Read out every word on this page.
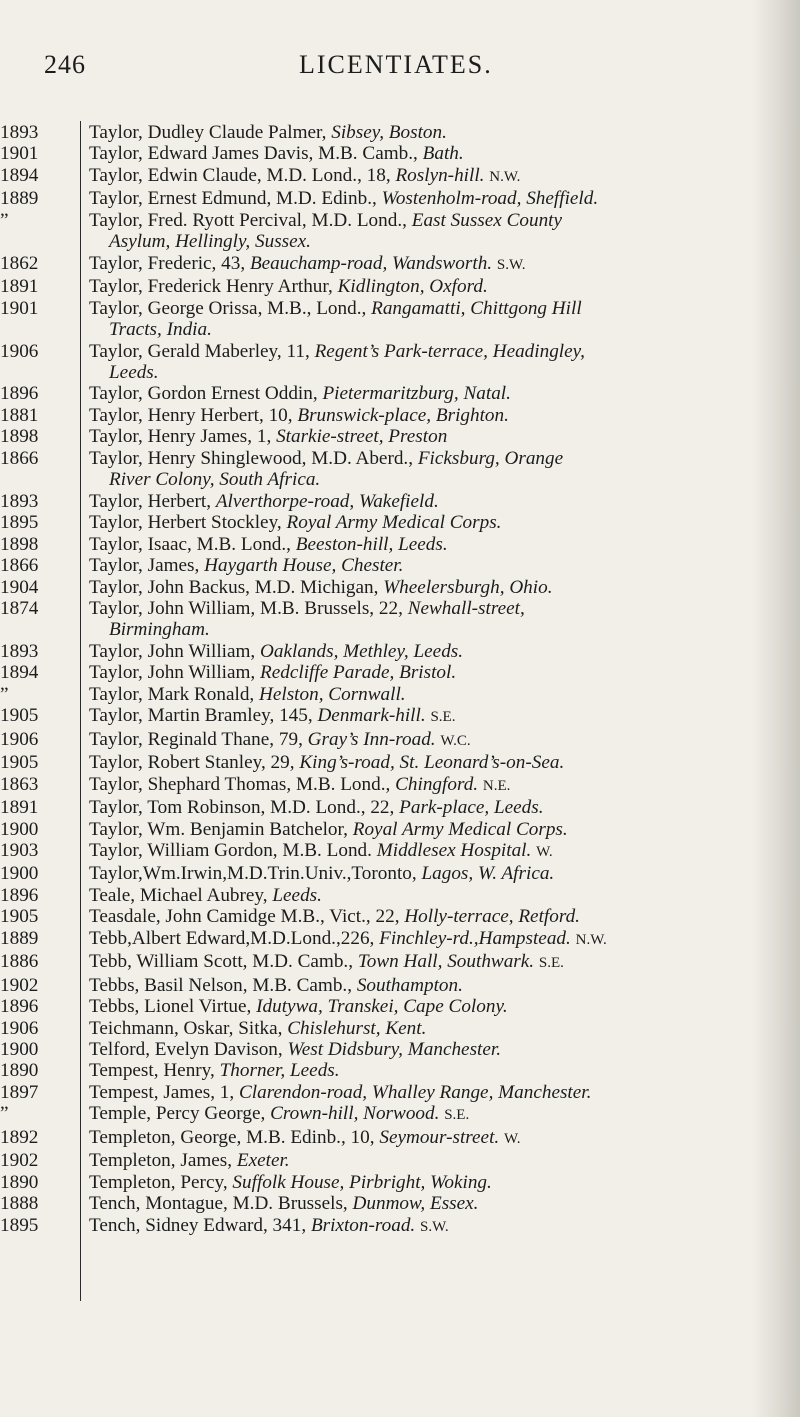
246	LICENTIATES.
1893	Taylor, Dudley Claude Palmer, Sibsey, Boston.
1901	Taylor, Edward James Davis, M.B. Camb., Bath.
1894	Taylor, Edwin Claude, M.D. Lond., 18, Roslyn-hill. N.W.
1889	Taylor, Ernest Edmund, M.D. Edinb., Wostenholm-road, Sheffield.
”	Taylor, Fred. Ryott Percival, M.D. Lond., East Sussex County
Asylum, Hellingly, Sussex.
1862	Taylor, Frederic, 43, Beauchamp-road, Wandsworth. S.W.
1891	Taylor, Frederick Henry Arthur, Kidlington, Oxford.
1901	Taylor, George Orissa, M.B., Lond., Rangamatti, Chittgong Hill
Tracts, India.
1906	Taylor, Gerald Maberley, 11, Regent’s Park-terrace, Headingley,
Leeds.
1896	Taylor, Gordon Ernest Oddin, Pietermaritzburg, Natal.
1881	Taylor, Henry Herbert, 10, Brunswick-place, Brighton.
1898	Taylor, Henry James, 1, Starkie-street, Preston
1866	Taylor, Henry Shinglewood, M.D. Aberd., Ficksburg, Orange
River Colony, South Africa.
1893	Taylor, Herbert, Alverthorpe-road, Wakefield.
1895	Taylor, Herbert Stockley, Royal Army Medical Corps.
1898	Taylor, Isaac, M.B. Lond., Beeston-hill, Leeds.
1866	Taylor, James, Haygarth House, Chester.
1904	Taylor, John Backus, M.D. Michigan, Wheelersburgh, Ohio.
1874	Taylor, John William, M.B. Brussels, 22, Newhall-street,
Birmingham.
1893	Taylor, John William, Oaklands, Methley, Leeds.
1894	Taylor, John William, Redcliffe Parade, Bristol.
”	Taylor, Mark Ronald, Helston, Cornwall.
1905	Taylor, Martin Bramley, 145, Denmark-hill. S.E.
1906	Taylor, Reginald Thane, 79, Gray’s Inn-road. W.C.
1905	Taylor, Robert Stanley, 29, King’s-road, St. Leonard’s-on-Sea.
1863	Taylor, Shephard Thomas, M.B. Lond., Chingford. N.E.
1891	Taylor, Tom Robinson, M.D. Lond., 22, Park-place, Leeds.
1900	Taylor, Wm. Benjamin Batchelor, Royal Army Medical Corps.
1903	Taylor, William Gordon, M.B. Lond. Middlesex Hospital. W.
1900	Taylor,Wm.Irwin,M.D.Trin.Univ.,Toronto, Lagos, W. Africa.
1896	Teale, Michael Aubrey, Leeds.
1905	Teasdale, John Camidge M.B., Vict., 22, Holly-terrace, Retford.
1889	Tebb,Albert Edward,M.D.Lond.,226, Finchley-rd.,Hampstead. N.W.
1886	Tebb, William Scott, M.D. Camb., Town Hall, Southwark. S.E.
1902	Tebbs, Basil Nelson, M.B. Camb., Southampton.
1896	Tebbs, Lionel Virtue, Idutywa, Transkei, Cape Colony.
1906	Teichmann, Oskar, Sitka, Chislehurst, Kent.
1900	Telford, Evelyn Davison, West Didsbury, Manchester.
1890	Tempest, Henry, Thorner, Leeds.
1897	Tempest, James, 1, Clarendon-road, Whalley Range, Manchester.
”	Temple, Percy George, Crown-hill, Norwood. S.E.
1892	Templeton, George, M.B. Edinb., 10, Seymour-street. W.
1902	Templeton, James, Exeter.
1890	Templeton, Percy, Suffolk House, Pirbright, Woking.
1888	Tench, Montague, M.D. Brussels, Dunmow, Essex.
1895	Tench, Sidney Edward, 341, Brixton-road. S.W.
